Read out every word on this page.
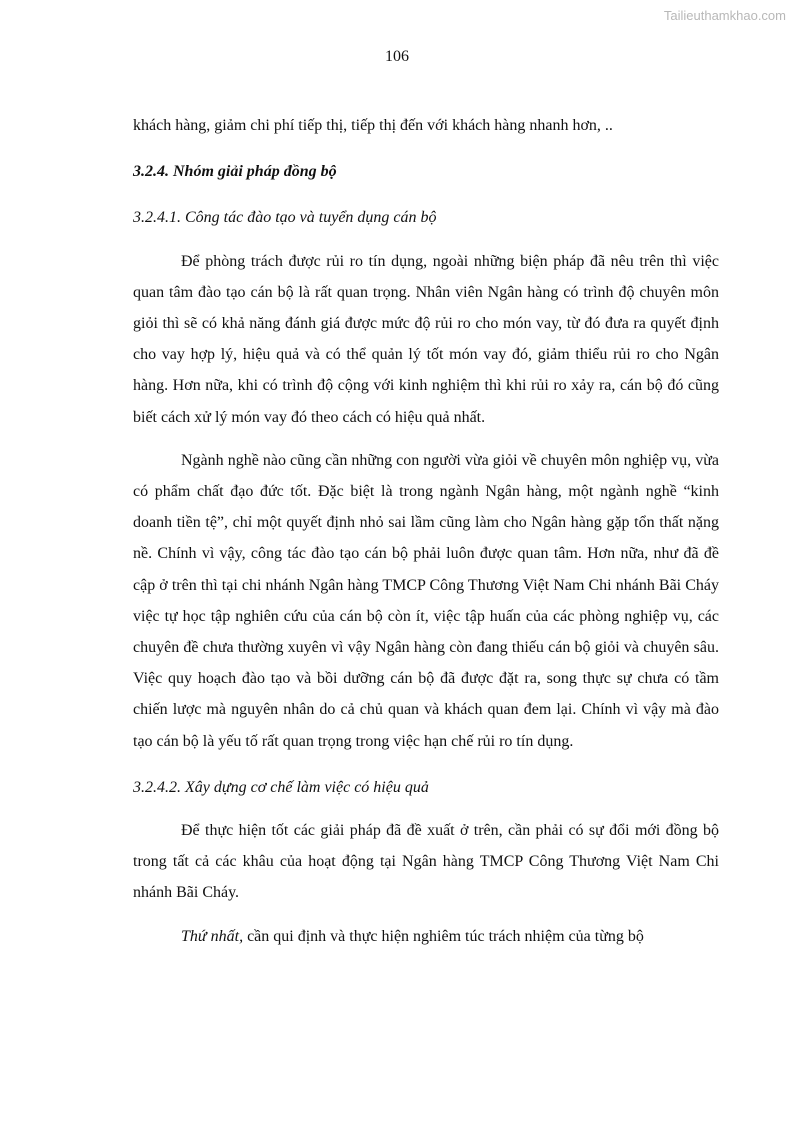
Tailieuthamkhao.com
106

khách hàng, giảm chi phí tiếp thị, tiếp thị đến với khách hàng nhanh hơn, ..

3.2.4. Nhóm giải pháp đồng bộ

3.2.4.1. Công tác đào tạo và tuyển dụng cán bộ

Để phòng trách được rủi ro tín dụng, ngoài những biện pháp đã nêu trên thì việc quan tâm đào tạo cán bộ là rất quan trọng. Nhân viên Ngân hàng có trình độ chuyên môn giỏi thì sẽ có khả năng đánh giá được mức độ rủi ro cho món vay, từ đó đưa ra quyết định cho vay hợp lý, hiệu quả và có thể quản lý tốt món vay đó, giảm thiểu rủi ro cho Ngân hàng. Hơn nữa, khi có trình độ cộng với kinh nghiệm thì khi rủi ro xảy ra, cán bộ đó cũng biết cách xử lý món vay đó theo cách có hiệu quả nhất.

Ngành nghề nào cũng cần những con người vừa giỏi về chuyên môn nghiệp vụ, vừa có phẩm chất đạo đức tốt. Đặc biệt là trong ngành Ngân hàng, một ngành nghề “kinh doanh tiền tệ”, chỉ một quyết định nhỏ sai lầm cũng làm cho Ngân hàng gặp tổn thất nặng nề. Chính vì vậy, công tác đào tạo cán bộ phải luôn được quan tâm. Hơn nữa, như đã đề cập ở trên thì tại chi nhánh Ngân hàng TMCP Công Thương Việt Nam Chi nhánh Bãi Cháy việc tự học tập nghiên cứu của cán bộ còn ít, việc tập huấn của các phòng nghiệp vụ, các chuyên đề chưa thường xuyên vì vậy Ngân hàng còn đang thiếu cán bộ giỏi và chuyên sâu. Việc quy hoạch đào tạo và bồi dưỡng cán bộ đã được đặt ra, song thực sự chưa có tầm chiến lược mà nguyên nhân do cả chủ quan và khách quan đem lại. Chính vì vậy mà đào tạo cán bộ là yếu tố rất quan trọng trong việc hạn chế rủi ro tín dụng.

3.2.4.2. Xây dựng cơ chế làm việc có hiệu quả

Để thực hiện tốt các giải pháp đã đề xuất ở trên, cần phải có sự đổi mới đồng bộ trong tất cả các khâu của hoạt động tại Ngân hàng TMCP Công Thương Việt Nam Chi nhánh Bãi Cháy.

Thứ nhất, cần qui định và thực hiện nghiêm túc trách nhiệm của từng bộ
